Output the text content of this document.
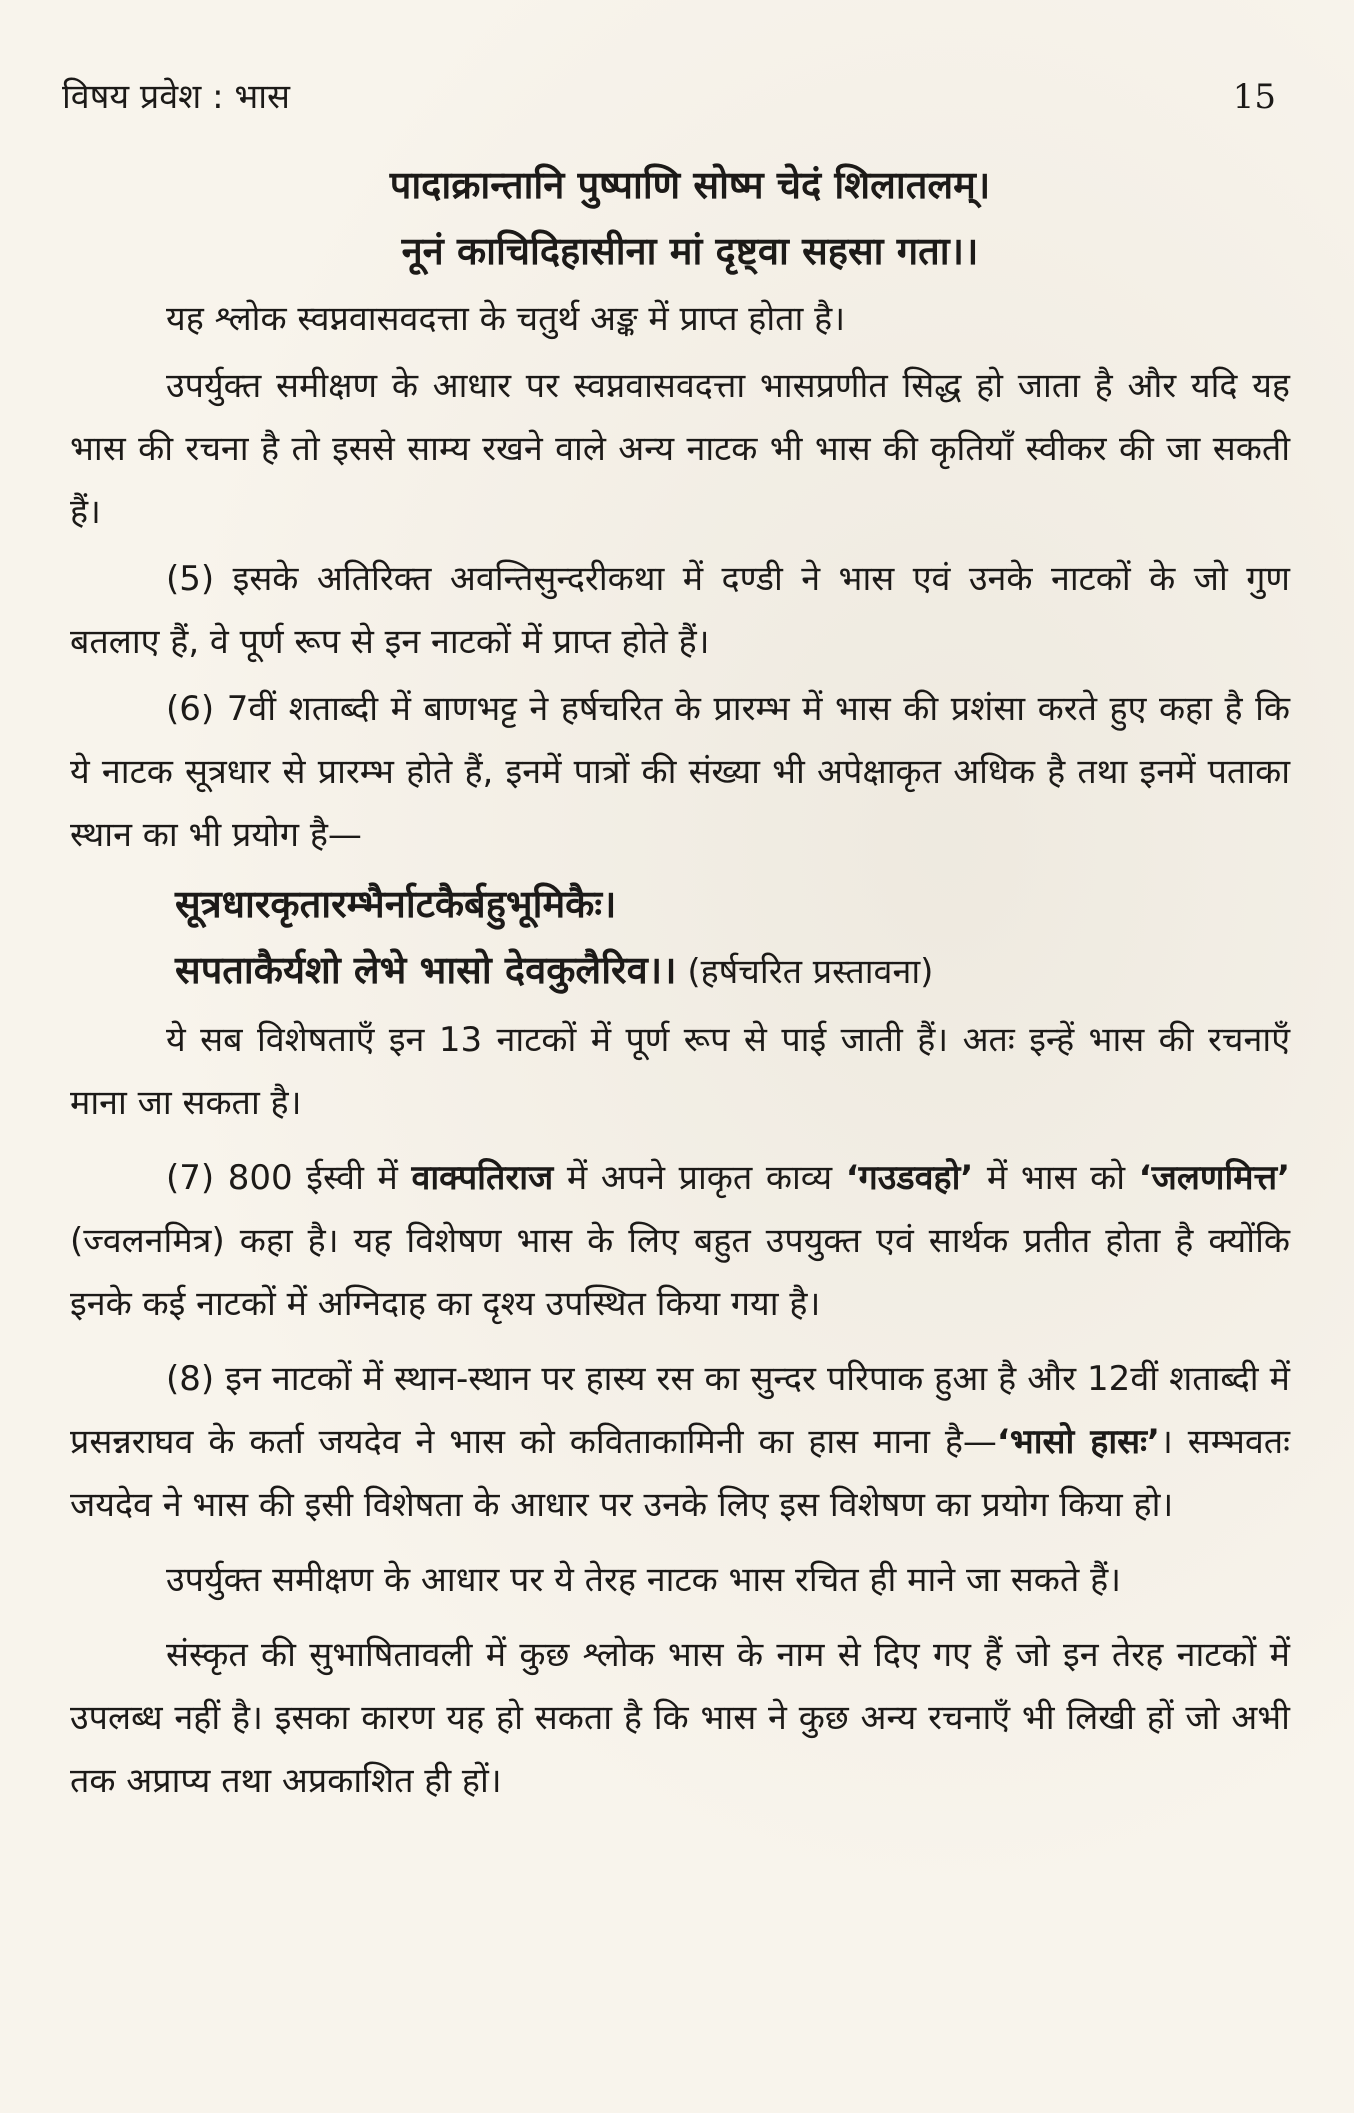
विषय प्रवेश : भास	15

पादाक्रान्तानि पुष्पाणि सोष्म चेदं शिलातलम्।

नूनं काचिदिहासीना मां दृष्ट्वा सहसा गता।।

यह श्लोक स्वप्नवासवदत्ता के चतुर्थ अङ्क में प्राप्त होता है।

उपर्युक्त समीक्षण के आधार पर स्वप्नवासवदत्ता भासप्रणीत सिद्ध हो जाता है और यदि यह भास की रचना है तो इससे साम्य रखने वाले अन्य नाटक भी भास की कृतियाँ स्वीकर की जा सकती हैं।

(5) इसके अतिरिक्त अवन्तिसुन्दरीकथा में दण्डी ने भास एवं उनके नाटकों के जो गुण बतलाए हैं, वे पूर्ण रूप से इन नाटकों में प्राप्त होते हैं।

(6) 7वीं शताब्दी में बाणभट्ट ने हर्षचरित के प्रारम्भ में भास की प्रशंसा करते हुए कहा है कि ये नाटक सूत्रधार से प्रारम्भ होते हैं, इनमें पात्रों की संख्या भी अपेक्षाकृत अधिक है तथा इनमें पताका स्थान का भी प्रयोग है—

सूत्रधारकृतारम्भैर्नाटकैर्बहुभूमिकैः।

सपताकैर्यशो लेभे भासो देवकुलैरिव।। (हर्षचरित प्रस्तावना)

ये सब विशेषताएँ इन 13 नाटकों में पूर्ण रूप से पाई जाती हैं। अतः इन्हें भास की रचनाएँ माना जा सकता है।

(7) 800 ईस्वी में वाक्पतिराज में अपने प्राकृत काव्य ‘गउडवहो’ में भास को ‘जलणमित्त’ (ज्वलनमित्र) कहा है। यह विशेषण भास के लिए बहुत उपयुक्त एवं सार्थक प्रतीत होता है क्योंकि इनके कई नाटकों में अग्निदाह का दृश्य उपस्थित किया गया है।

(8) इन नाटकों में स्थान-स्थान पर हास्य रस का सुन्दर परिपाक हुआ है और 12वीं शताब्दी में प्रसन्नराघव के कर्ता जयदेव ने भास को कविताकामिनी का हास माना है—‘भासो हासः’। सम्भवतः जयदेव ने भास की इसी विशेषता के आधार पर उनके लिए इस विशेषण का प्रयोग किया हो।

उपर्युक्त समीक्षण के आधार पर ये तेरह नाटक भास रचित ही माने जा सकते हैं।

संस्कृत की सुभाषितावली में कुछ श्लोक भास के नाम से दिए गए हैं जो इन तेरह नाटकों में उपलब्ध नहीं है। इसका कारण यह हो सकता है कि भास ने कुछ अन्य रचनाएँ भी लिखी हों जो अभी तक अप्राप्य तथा अप्रकाशित ही हों।
